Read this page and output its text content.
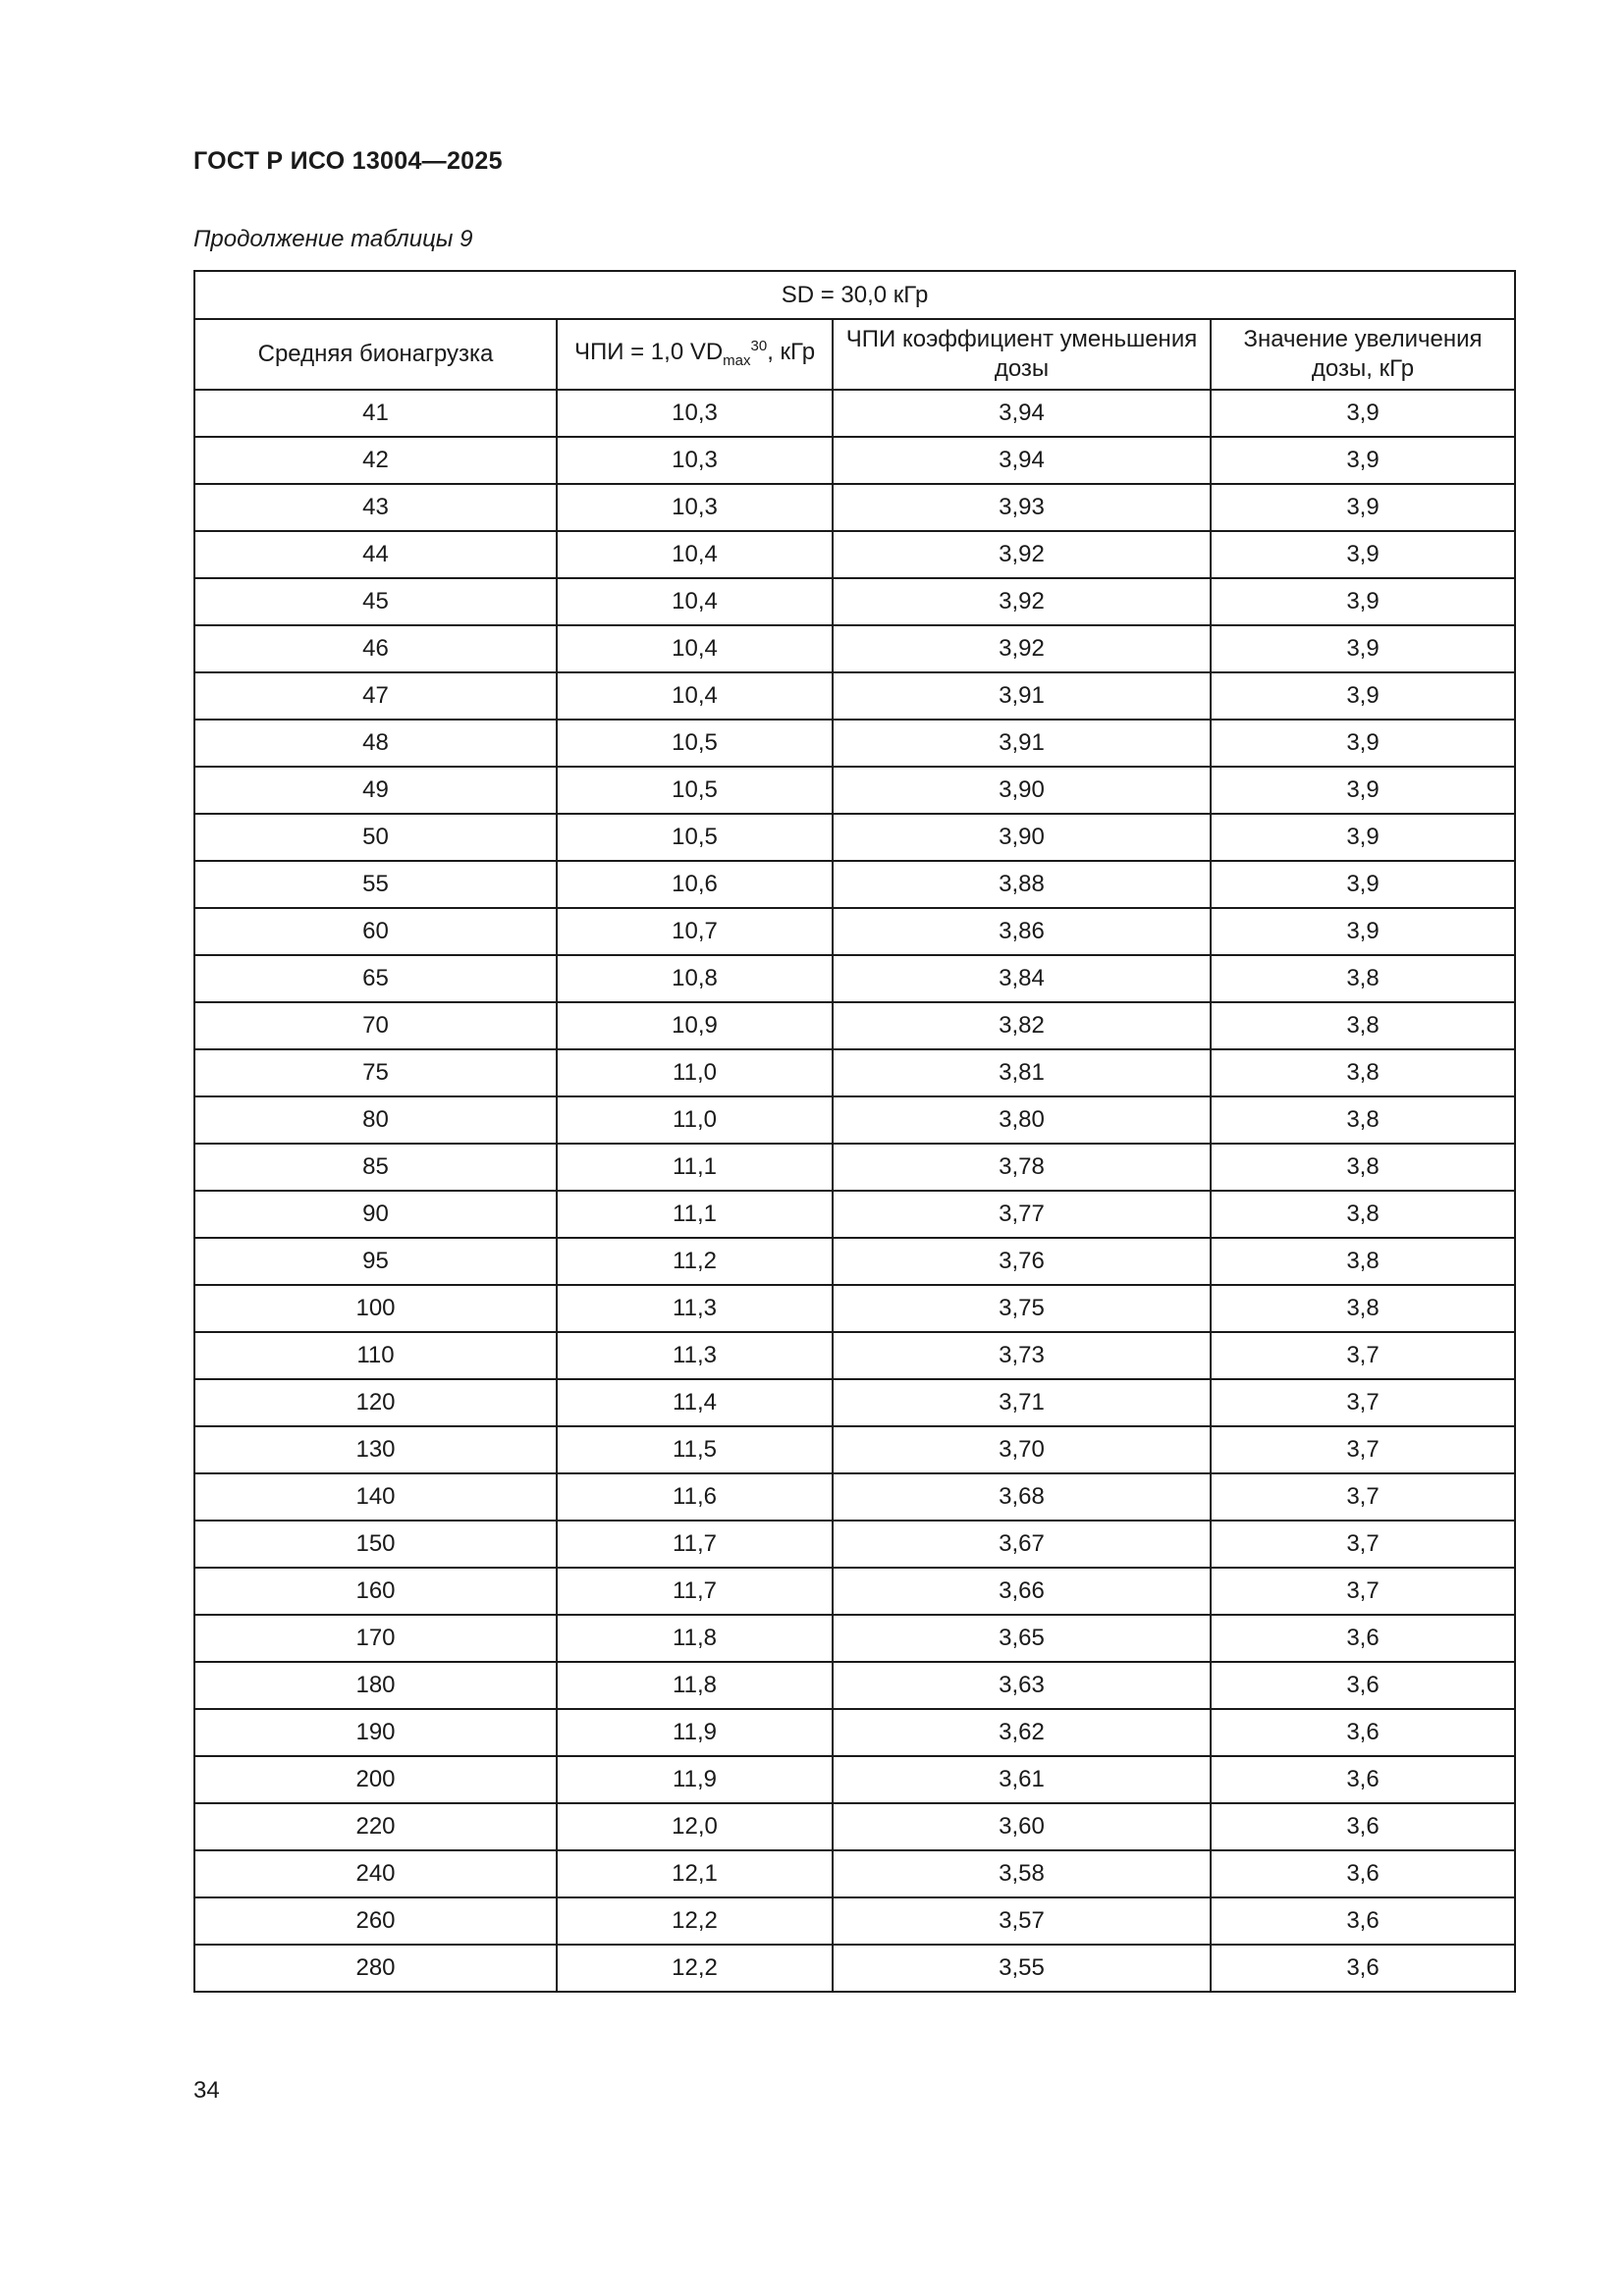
ГОСТ Р ИСО 13004—2025
Продолжение таблицы 9
SD = 30,0 кГр			
Средняя бионагрузка	ЧПИ = 1,0 $VD_{max}^{30}$, кГр	ЧПИ коэффициент уменьшения дозы	Значение увеличения дозы, кГр
41	10,3	3,94	3,9
42	10,3	3,94	3,9
43	10,3	3,93	3,9
44	10,4	3,92	3,9
45	10,4	3,92	3,9
46	10,4	3,92	3,9
47	10,4	3,91	3,9
48	10,5	3,91	3,9
49	10,5	3,90	3,9
50	10,5	3,90	3,9
55	10,6	3,88	3,9
60	10,7	3,86	3,9
65	10,8	3,84	3,8
70	10,9	3,82	3,8
75	11,0	3,81	3,8
80	11,0	3,80	3,8
85	11,1	3,78	3,8
90	11,1	3,77	3,8
95	11,2	3,76	3,8
100	11,3	3,75	3,8
110	11,3	3,73	3,7
120	11,4	3,71	3,7
130	11,5	3,70	3,7
140	11,6	3,68	3,7
150	11,7	3,67	3,7
160	11,7	3,66	3,7
170	11,8	3,65	3,6
180	11,8	3,63	3,6
190	11,9	3,62	3,6
200	11,9	3,61	3,6
220	12,0	3,60	3,6
240	12,1	3,58	3,6
260	12,2	3,57	3,6
280	12,2	3,55	3,6
34
